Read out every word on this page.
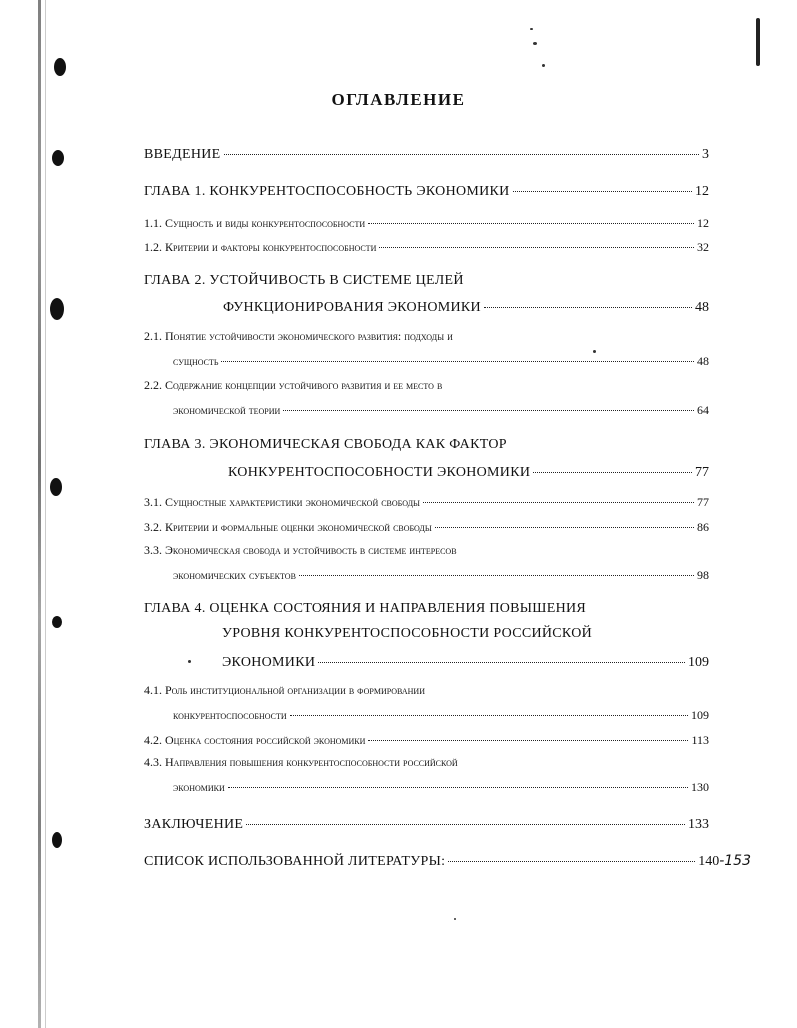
ОГЛАВЛЕНИЕ
ВВЕДЕНИЕ	3
ГЛАВА 1. КОНКУРЕНТОСПОСОБНОСТЬ ЭКОНОМИКИ	12
1.1. Сущность и виды конкурентоспособности	12
1.2. Критерии и факторы конкурентоспособности	32
ГЛАВА 2. УСТОЙЧИВОСТЬ В СИСТЕМЕ ЦЕЛЕЙ
ФУНКЦИОНИРОВАНИЯ ЭКОНОМИКИ	48
2.1. Понятие устойчивости экономического развития: подходы и
сущность	48
2.2. Содержание концепции устойчивого развития и ее место в
экономической теории	64
ГЛАВА 3. ЭКОНОМИЧЕСКАЯ СВОБОДА КАК ФАКТОР
КОНКУРЕНТОСПОСОБНОСТИ ЭКОНОМИКИ	77
3.1. Сущностные характеристики экономической свободы	77
3.2. Критерии и формальные оценки экономической свободы	86
3.3. Экономическая свобода и устойчивость в системе интересов
экономических субъектов	98
ГЛАВА 4. ОЦЕНКА СОСТОЯНИЯ И НАПРАВЛЕНИЯ ПОВЫШЕНИЯ
УРОВНЯ КОНКУРЕНТОСПОСОБНОСТИ РОССИЙСКОЙ
ЭКОНОМИКИ	109
4.1. Роль институциональной организации в формировании
конкурентоспособности	109
4.2. Оценка состояния российской экономики	113
4.3. Направления повышения конкурентоспособности российской
экономики	130
ЗАКЛЮЧЕНИЕ	133
СПИСОК ИСПОЛЬЗОВАННОЙ ЛИТЕРАТУРЫ:	140 -153
